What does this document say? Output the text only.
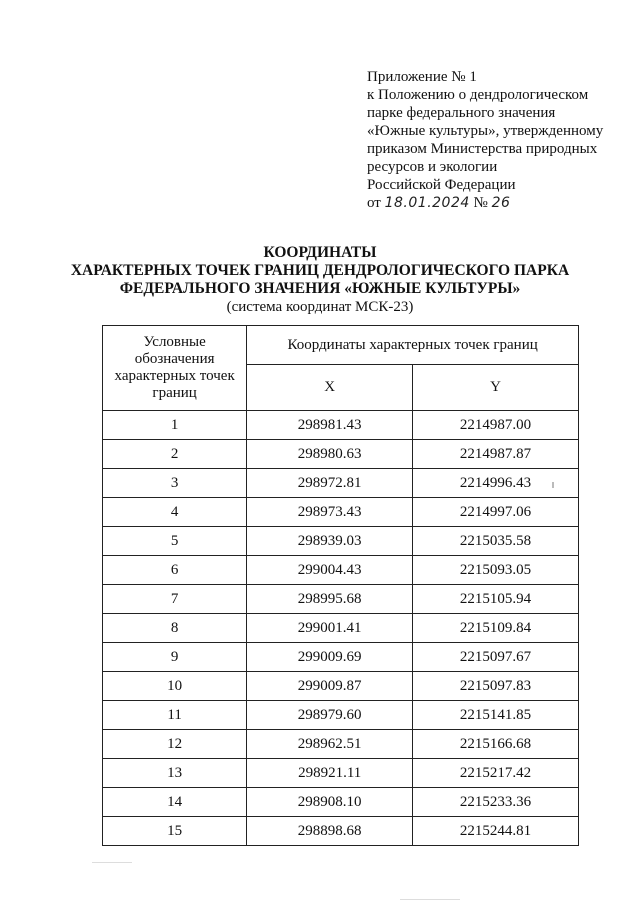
Приложение № 1
к Положению о дендрологическом
парке федерального значения
«Южные культуры», утвержденному
приказом Министерства природных
ресурсов и экологии
Российской Федерации
от 18.01.2024 № 26
КООРДИНАТЫ
ХАРАКТЕРНЫХ ТОЧЕК ГРАНИЦ ДЕНДРОЛОГИЧЕСКОГО ПАРКА
ФЕДЕРАЛЬНОГО ЗНАЧЕНИЯ «ЮЖНЫЕ КУЛЬТУРЫ»
(система координат МСК-23)
Условные обозначения характерных точек границ	Координаты характерных точек границ	
	X	Y
1	298981.43	2214987.00
2	298980.63	2214987.87
3	298972.81	2214996.43
4	298973.43	2214997.06
5	298939.03	2215035.58
6	299004.43	2215093.05
7	298995.68	2215105.94
8	299001.41	2215109.84
9	299009.69	2215097.67
10	299009.87	2215097.83
11	298979.60	2215141.85
12	298962.51	2215166.68
13	298921.11	2215217.42
14	298908.10	2215233.36
15	298898.68	2215244.81
